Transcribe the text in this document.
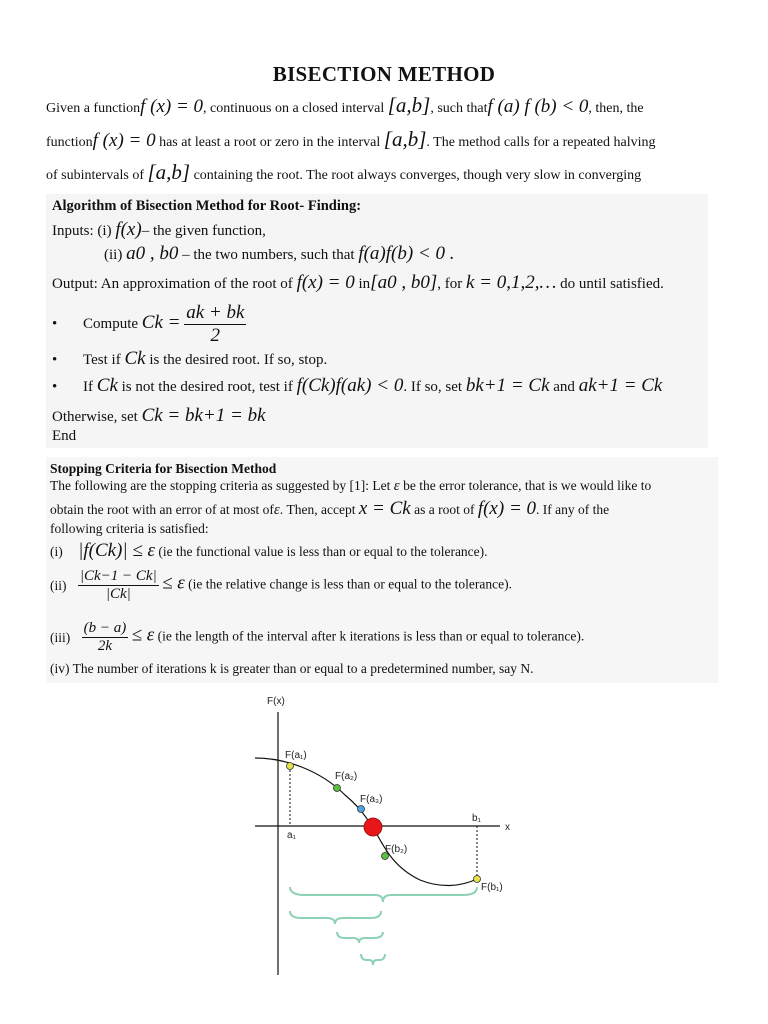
BISECTION METHOD
Given a functionf (x) = 0, continuous on a closed interval [a,b], such thatf (a) f (b) < 0, then, the
functionf (x) = 0 has at least a root or zero in the interval [a,b]. The method calls for a repeated halving
of subintervals of [a,b] containing the root. The root always converges, though very slow in converging
Algorithm of Bisection Method for Root- Finding:
Inputs: (i) f(x)– the given function,
(ii) a0 , b0 – the two numbers, such that f(a)f(b) < 0 .
Output: An approximation of the root of f(x) = 0 in[a0 , b0], for k = 0,1,2,… do until satisfied.
• Compute $Ck = \frac{ak + bk}{2}$
• Test if Ck is the desired root. If so, stop.
• If Ck is not the desired root, test if f(Ck)f(ak) < 0. If so, set bk+1 = Ck and ak+1 = Ck
Otherwise, set Ck = bk+1 = bk
End
Stopping Criteria for Bisection Method
The following are the stopping criteria as suggested by [1]: Let ε be the error tolerance, that is we would like to
obtain the root with an error of at most ofε. Then, accept x = Ck as a root of f(x) = 0. If any of the
following criteria is satisfied:
(i) |f(Ck)| ≤ ε (ie the functional value is less than or equal to the tolerance).
$(ii) \frac{|Ck-1 - Ck|}{|Ck|} \le \varepsilon$ (ie the relative change is less than or equal to the tolerance).
$(iii) \frac{(b - a)}{2k} \le \varepsilon$ (ie the length of the interval after k iterations is less than or equal to tolerance).
(iv) The number of iterations k is greater than or equal to a predetermined number, say N.
F(x)
x
a₁
b₁
F(a₁)
F(a₂)
F(a₃)
F(b₂)
F(b₁)
